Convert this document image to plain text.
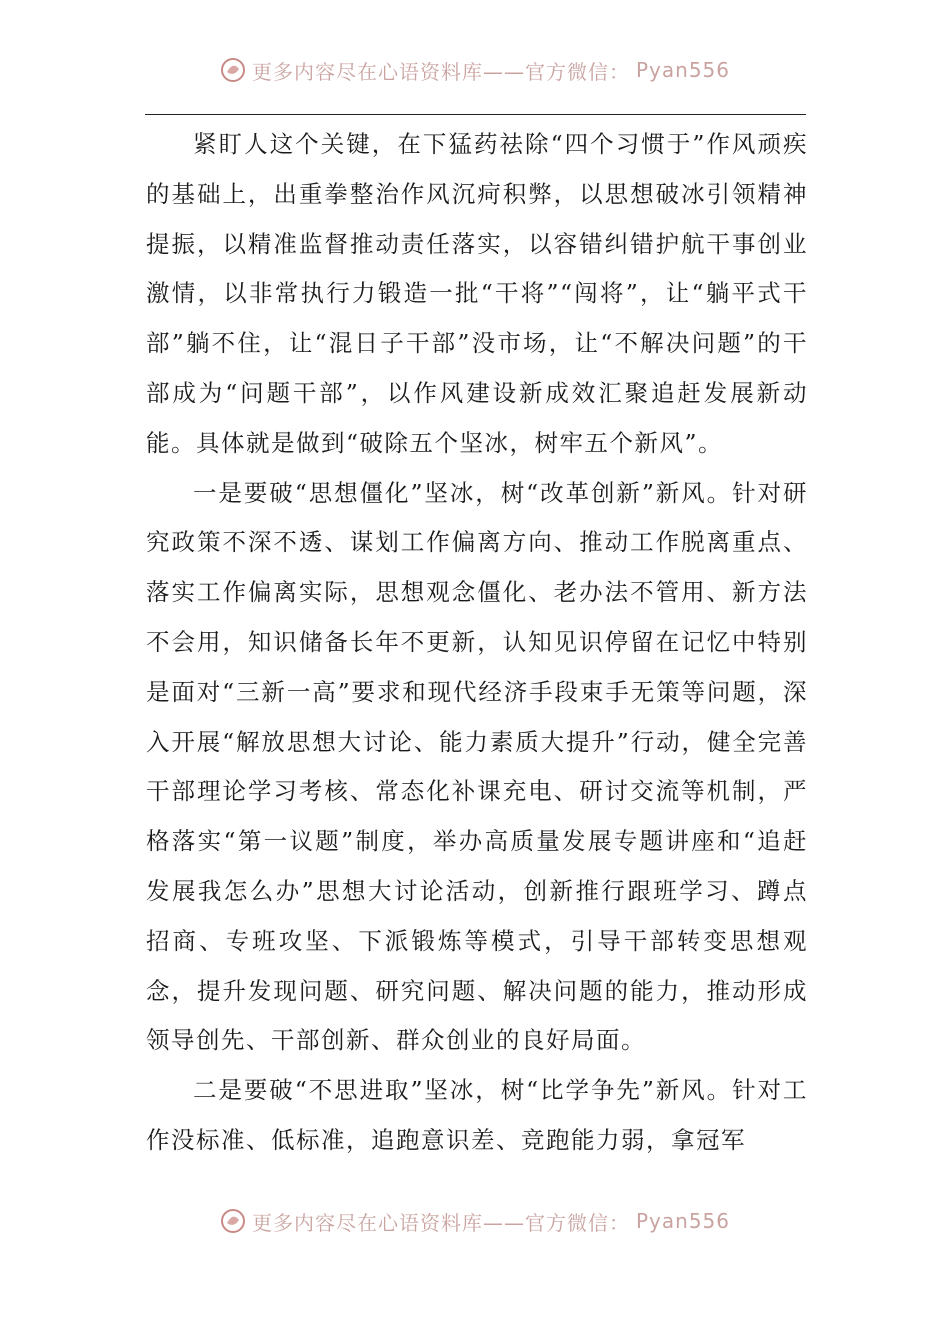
更多内容尽在心语资料库——官方微信： Pyan556

紧盯人这个关键，在下猛药祛除“四个习惯于”作风顽疾的基础上，出重拳整治作风沉疴积弊，以思想破冰引领精神提振，以精准监督推动责任落实，以容错纠错护航干事创业激情，以非常执行力锻造一批“干将”“闯将”，让“躺平式干部”躺不住，让“混日子干部”没市场，让“不解决问题”的干部成为“问题干部”，以作风建设新成效汇聚追赶发展新动能。具体就是做到“破除五个坚冰，树牢五个新风”。

一是要破“思想僵化”坚冰，树“改革创新”新风。针对研究政策不深不透、谋划工作偏离方向、推动工作脱离重点、落实工作偏离实际，思想观念僵化、老办法不管用、新方法不会用，知识储备长年不更新，认知见识停留在记忆中特别是面对“三新一高”要求和现代经济手段束手无策等问题，深入开展“解放思想大讨论、能力素质大提升”行动，健全完善干部理论学习考核、常态化补课充电、研讨交流等机制，严格落实“第一议题”制度，举办高质量发展专题讲座和“追赶发展我怎么办”思想大讨论活动，创新推行跟班学习、蹲点招商、专班攻坚、下派锻炼等模式，引导干部转变思想观念，提升发现问题、研究问题、解决问题的能力，推动形成领导创先、干部创新、群众创业的良好局面。

二是要破“不思进取”坚冰，树“比学争先”新风。针对工作没标准、低标准，追跑意识差、竞跑能力弱，拿冠军

更多内容尽在心语资料库——官方微信： Pyan556
